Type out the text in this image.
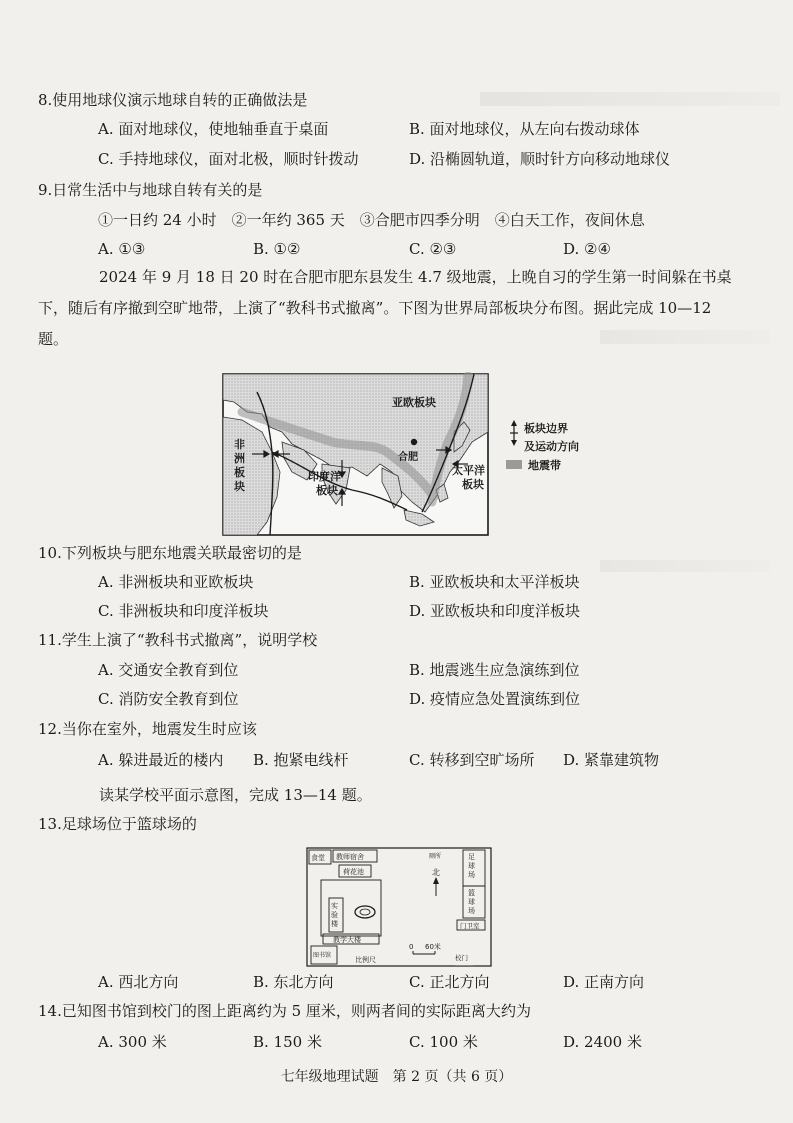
8.使用地球仪演示地球自转的正确做法是
A. 面对地球仪，使地轴垂直于桌面	B. 面对地球仪，从左向右拨动球体
C. 手持地球仪，面对北极，顺时针拨动	D. 沿椭圆轨道，顺时针方向移动地球仪
9.日常生活中与地球自转有关的是
①一日约 24 小时　②一年约 365 天　③合肥市四季分明　④白天工作，夜间休息
A. ①③	B. ①②	C. ②③	D. ②④
2024 年 9 月 18 日 20 时在合肥市肥东县发生 4.7 级地震，上晚自习的学生第一时间躲在书桌下，随后有序撤到空旷地带，上演了“教科书式撤离”。下图为世界局部板块分布图。据此完成 10—12 题。
亚欧板块
非
洲
板
块
印度洋
板块
太平洋
板块
合肥
板块边界
及运动方向
地震带
10.下列板块与肥东地震关联最密切的是
A. 非洲板块和亚欧板块	B. 亚欧板块和太平洋板块
C. 非洲板块和印度洋板块	D. 亚欧板块和印度洋板块
11.学生上演了“教科书式撤离”，说明学校
A. 交通安全教育到位	B. 地震逃生应急演练到位
C. 消防安全教育到位	D. 疫情应急处置演练到位
12.当你在室外，地震发生时应该
A. 躲进最近的楼内 B. 抱紧电线杆	C. 转移到空旷场所 D. 紧靠建筑物
读某学校平面示意图，完成 13—14 题。
13.足球场位于篮球场的
食堂 教师宿舍
荷花池
实
验
楼
教学大楼
图书馆
厕所
北
足
球
场
篮
球
场
门卫室
校门
0 60米
比例尺
A. 西北方向	B. 东北方向	C. 正北方向	D. 正南方向
14.已知图书馆到校门的图上距离约为 5 厘米，则两者间的实际距离大约为
A. 300 米	B. 150 米	C. 100 米	D. 2400 米
七年级地理试题　第 2 页（共 6 页）
